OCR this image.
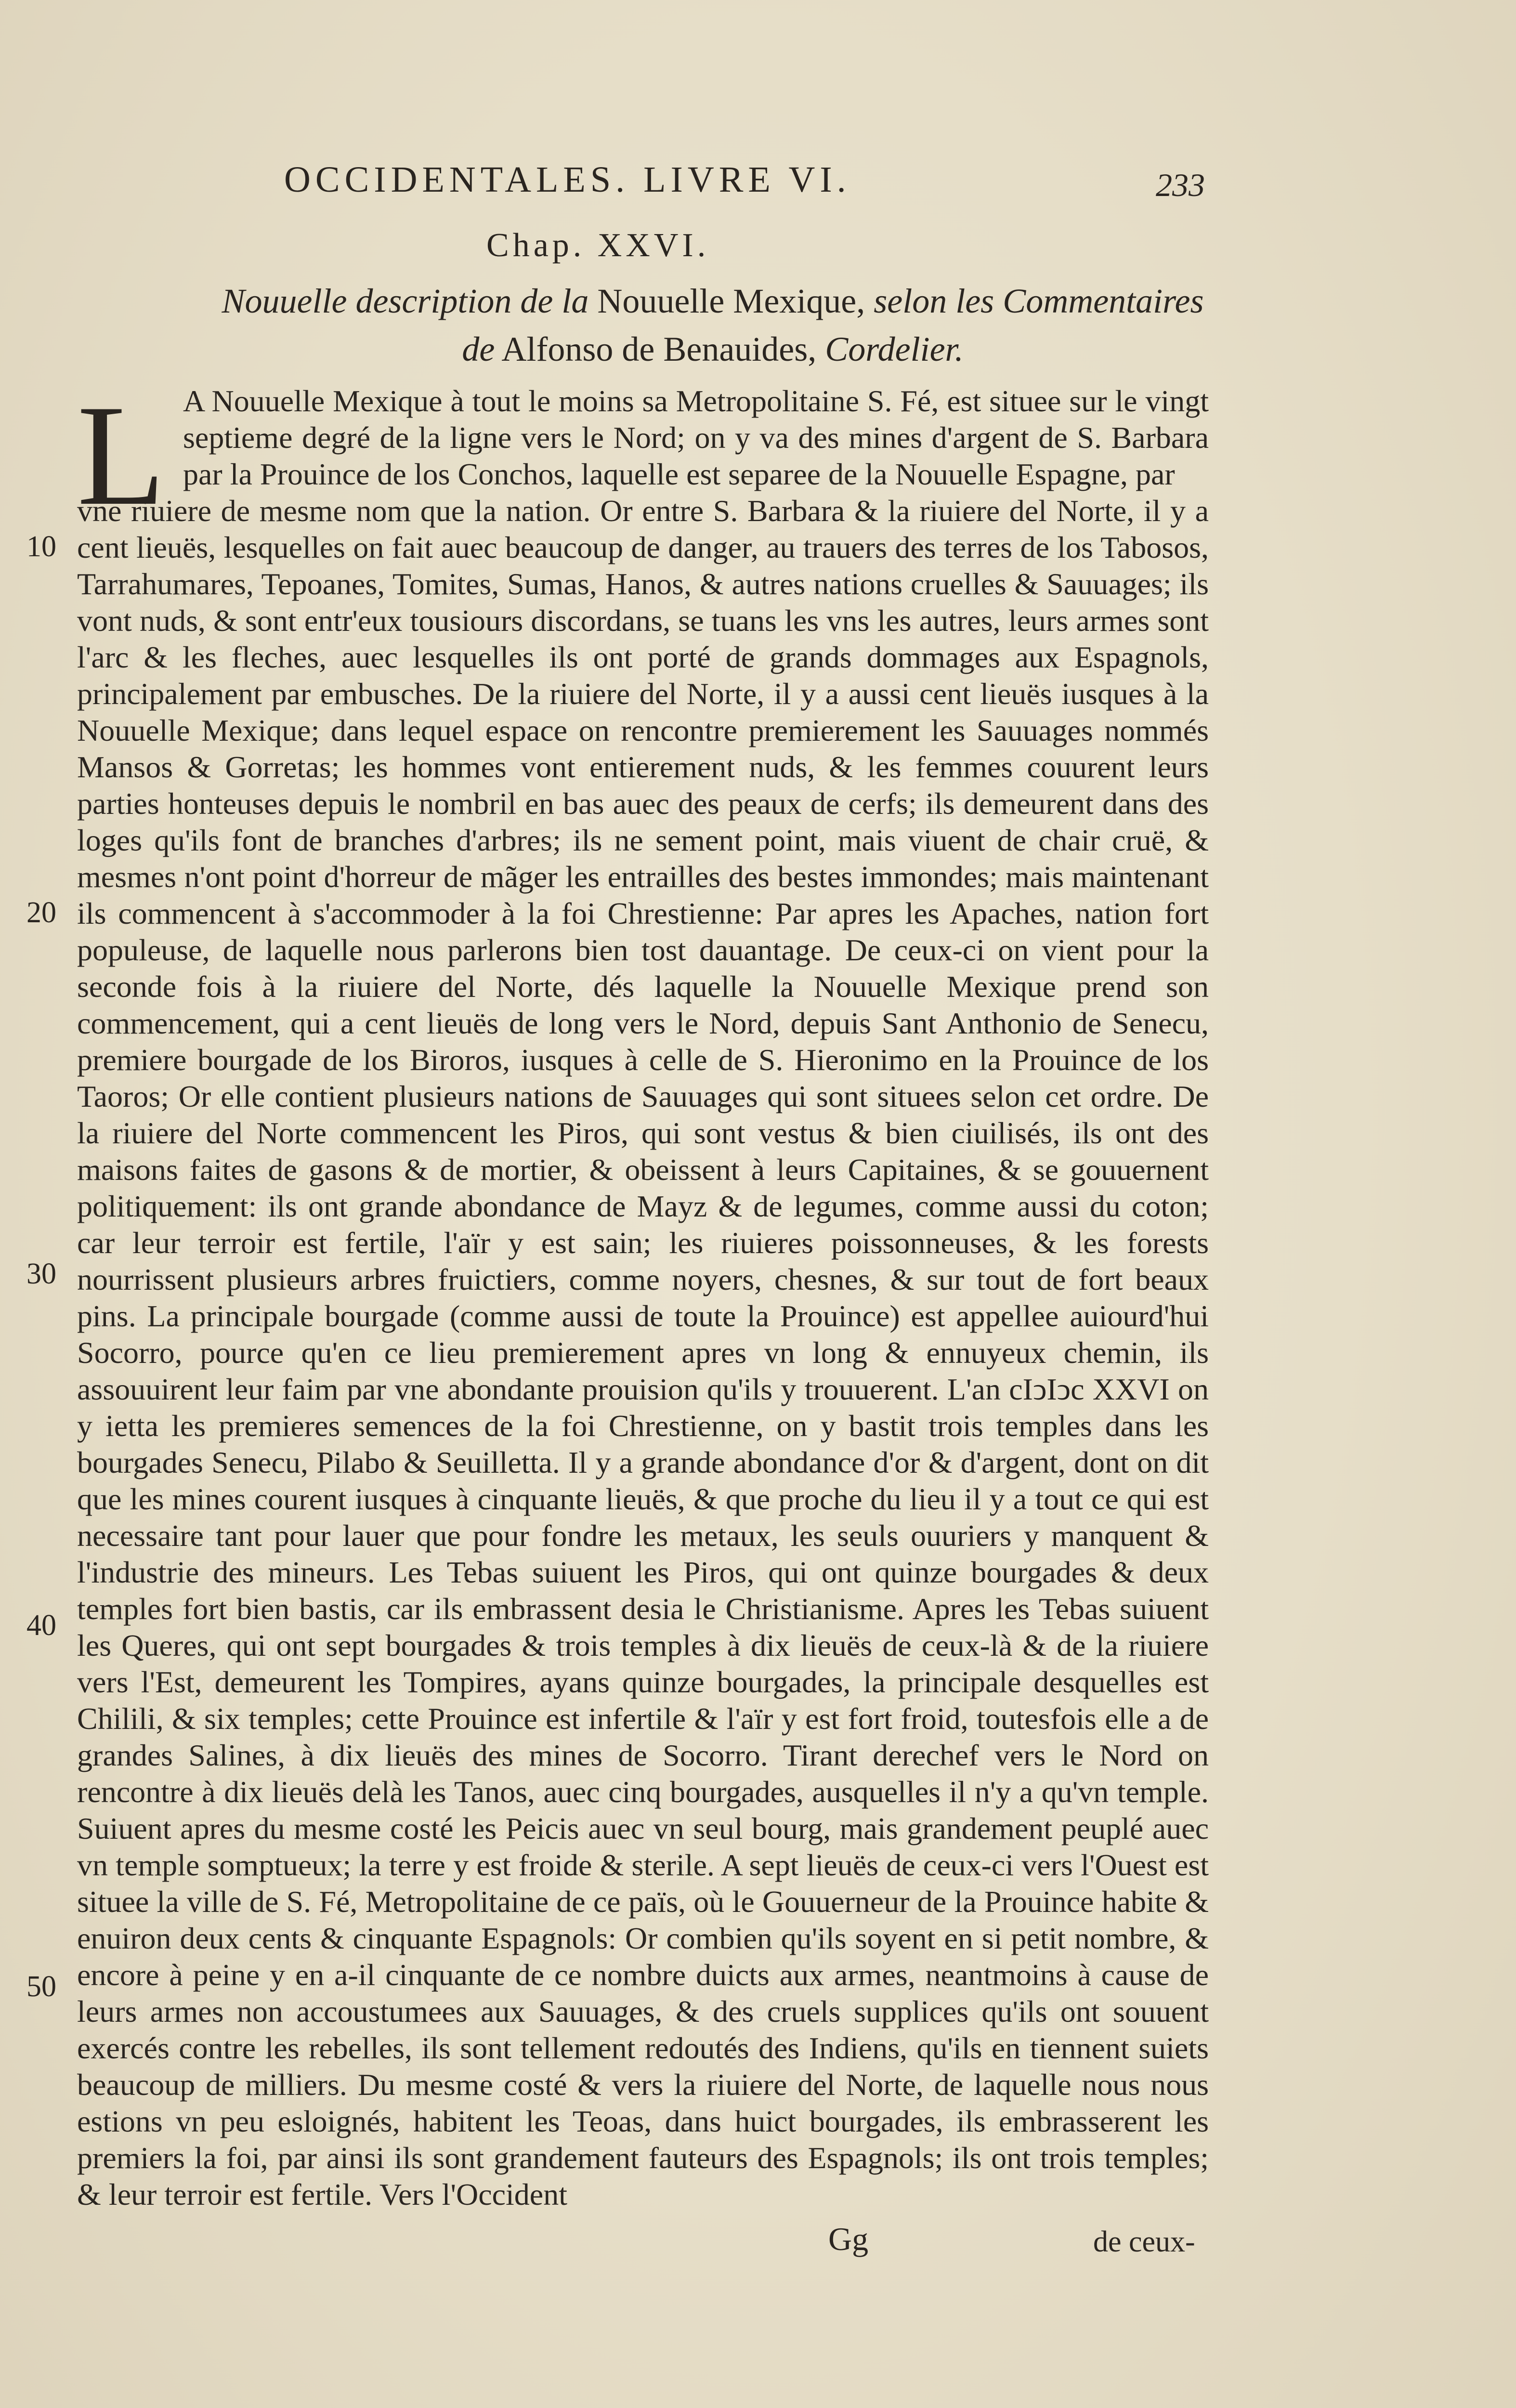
OCCIDENTALES. LIVRE VI.	233
Chap. XXVI.
Nouuelle description de la Nouuelle Mexique, selon les Commentaires
de Alfonso de Benauides, Cordelier.
L A Nouuelle Mexique à tout le moins sa Metropolitaine S. Fé, est situee sur le vingt septieme degré de la ligne vers le Nord; on y va des mines d'argent de S. Barbara par la Prouince de los Conchos, laquelle est separee de la Nouuelle Espagne, par

vne riuiere de mesme nom que la nation. Or entre S. Barbara & la riuiere del Norte, il y a cent lieuës, lesquelles on fait auec beaucoup de danger, au trauers des terres de los Tabosos, Tarrahumares, Tepoanes, Tomites, Sumas, Hanos, & autres nations cruelles & Sauuages; ils vont nuds, & sont entr'eux tousiours discordans, se tuans les vns les autres, leurs armes sont l'arc & les fleches, auec lesquelles ils ont porté de grands dommages aux Espagnols, principalement par embusches. De la riuiere del Norte, il y a aussi cent lieuës iusques à la Nouuelle Mexique; dans lequel espace on rencontre premierement les Sauuages nommés Mansos & Gorretas; les hommes vont entierement nuds, & les femmes couurent leurs parties honteuses depuis le nombril en bas auec des peaux de cerfs; ils demeurent dans des loges qu'ils font de branches d'arbres; ils ne sement point, mais viuent de chair cruë, & mesmes n'ont point d'horreur de mãger les entrailles des bestes immondes; mais maintenant ils commencent à s'accommoder à la foi Chrestienne: Par apres les Apaches, nation fort populeuse, de laquelle nous parlerons bien tost dauantage. De ceux-ci on vient pour la seconde fois à la riuiere del Norte, dés laquelle la Nouuelle Mexique prend son commencement, qui a cent lieuës de long vers le Nord, depuis Sant Anthonio de Senecu, premiere bourgade de los Biroros, iusques à celle de S. Hieronimo en la Prouince de los Taoros; Or elle contient plusieurs nations de Sauuages qui sont situees selon cet ordre. De la riuiere del Norte commencent les Piros, qui sont vestus & bien ciuilisés, ils ont des maisons faites de gasons & de mortier, & obeissent à leurs Capitaines, & se gouuernent politiquement: ils ont grande abondance de Mayz & de legumes, comme aussi du coton; car leur terroir est fertile, l'aïr y est sain; les riuieres poissonneuses, & les forests nourrissent plusieurs arbres fruictiers, comme noyers, chesnes, & sur tout de fort beaux pins. La principale bourgade (comme aussi de toute la Prouince) est appellee auiourd'hui Socorro, pource qu'en ce lieu premierement apres vn long & ennuyeux chemin, ils assouuirent leur faim par vne abondante prouision qu'ils y trouuerent. L'an cIↄIↄc XXVI on y ietta les premieres semences de la foi Chrestienne, on y bastit trois temples dans les bourgades Senecu, Pilabo & Seuilletta. Il y a grande abondance d'or & d'argent, dont on dit que les mines courent iusques à cinquante lieuës, & que proche du lieu il y a tout ce qui est necessaire tant pour lauer que pour fondre les metaux, les seuls ouuriers y manquent & l'industrie des mineurs. Les Tebas suiuent les Piros, qui ont quinze bourgades & deux temples fort bien bastis, car ils embrassent desia le Christianisme. Apres les Tebas suiuent les Queres, qui ont sept bourgades & trois temples à dix lieuës de ceux-là & de la riuiere vers l'Est, demeurent les Tompires, ayans quinze bourgades, la principale desquelles est Chilili, & six temples; cette Prouince est infertile & l'aïr y est fort froid, toutesfois elle a de grandes Salines, à dix lieuës des mines de Socorro. Tirant derechef vers le Nord on rencontre à dix lieuës delà les Tanos, auec cinq bourgades, ausquelles il n'y a qu'vn temple. Suiuent apres du mesme costé les Peicis auec vn seul bourg, mais grandement peuplé auec vn temple somptueux; la terre y est froide & sterile. A sept lieuës de ceux-ci vers l'Ouest est situee la ville de S. Fé, Metropolitaine de ce païs, où le Gouuerneur de la Prouince habite & enuiron deux cents & cinquante Espagnols: Or combien qu'ils soyent en si petit nombre, & encore à peine y en a-il cinquante de ce nombre duicts aux armes, neantmoins à cause de leurs armes non accoustumees aux Sauuages, & des cruels supplices qu'ils ont souuent exercés contre les rebelles, ils sont tellement redoutés des Indiens, qu'ils en tiennent suiets beaucoup de milliers. Du mesme costé & vers la riuiere del Norte, de laquelle nous nous estions vn peu esloignés, habitent les Teoas, dans huict bourgades, ils embrasserent les premiers la foi, par ainsi ils sont grandement fauteurs des Espagnols; ils ont trois temples; & leur terroir est fertile. Vers l'Occident

10
20
30
40
50
Gg	de ceux-
